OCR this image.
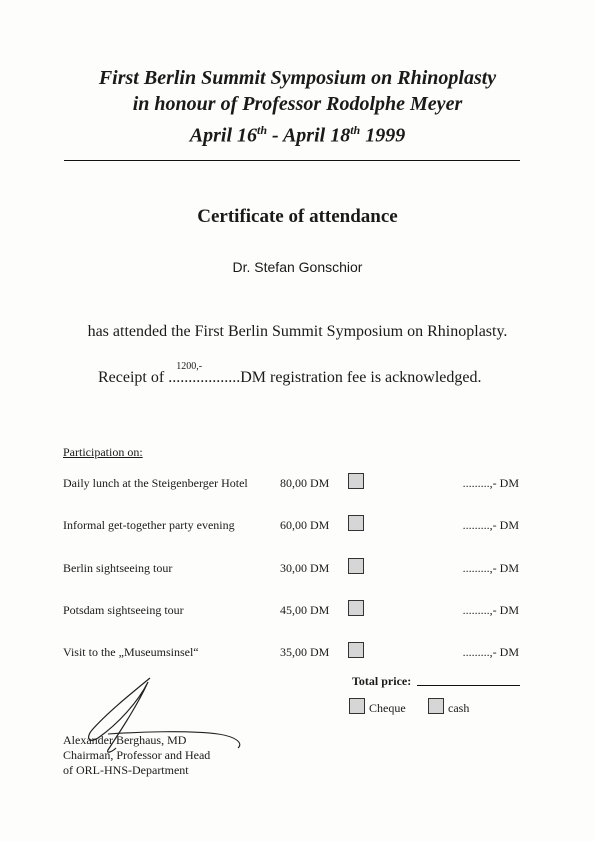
First Berlin Summit Symposium on Rhinoplasty
in honour of Professor Rodolphe Meyer
April 16th - April 18th 1999
Certificate of attendance
Dr. Stefan Gonschior
has attended the First Berlin Summit Symposium on Rhinoplasty.
Receipt of ..................
1200,-
DM registration fee is acknowledged.
Participation on:
Daily lunch at the Steigenberger Hotel	80,00 DM	.........,- DM
Informal get-together party evening	60,00 DM	.........,- DM
Berlin sightseeing tour	30,00 DM	.........,- DM
Potsdam sightseeing tour	45,00 DM	.........,- DM
Visit to the „Museumsinsel“	35,00 DM	.........,- DM
Total price:
Cheque	cash
Alexander Berghaus, MD
Chairman, Professor and Head
of ORL-HNS-Department
